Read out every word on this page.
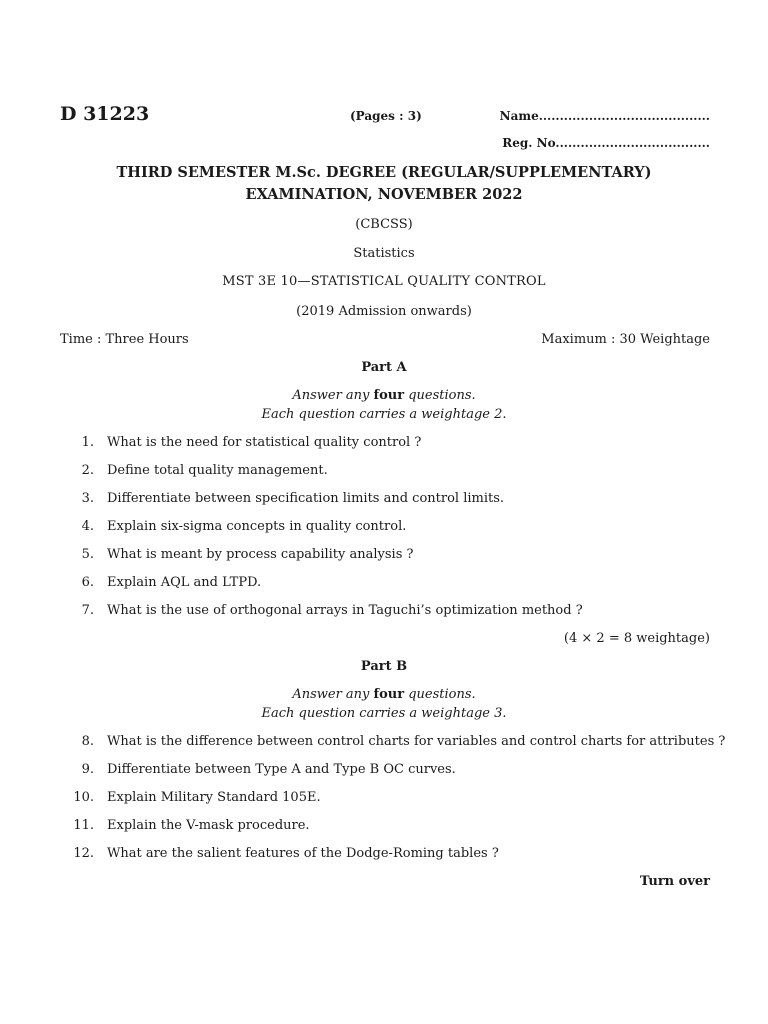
D 31223	(Pages : 3)	Name.........................................
Reg. No.....................................
THIRD SEMESTER M.Sc. DEGREE (REGULAR/SUPPLEMENTARY)
EXAMINATION, NOVEMBER 2022
(CBCSS)
Statistics
MST 3E 10—STATISTICAL QUALITY CONTROL
(2019 Admission onwards)
Time : Three Hours	Maximum : 30 Weightage
Part A
Answer any four questions.
Each question carries a weightage 2.
1. What is the need for statistical quality control ?
2. Define total quality management.
3. Differentiate between specification limits and control limits.
4. Explain six-sigma concepts in quality control.
5. What is meant by process capability analysis ?
6. Explain AQL and LTPD.
7. What is the use of orthogonal arrays in Taguchi’s optimization method ?
(4 × 2 = 8 weightage)
Part B
Answer any four questions.
Each question carries a weightage 3.
8. What is the difference between control charts for variables and control charts for attributes ?
9. Differentiate between Type A and Type B OC curves.
10. Explain Military Standard 105E.
11. Explain the V-mask procedure.
12. What are the salient features of the Dodge-Roming tables ?
Turn over
